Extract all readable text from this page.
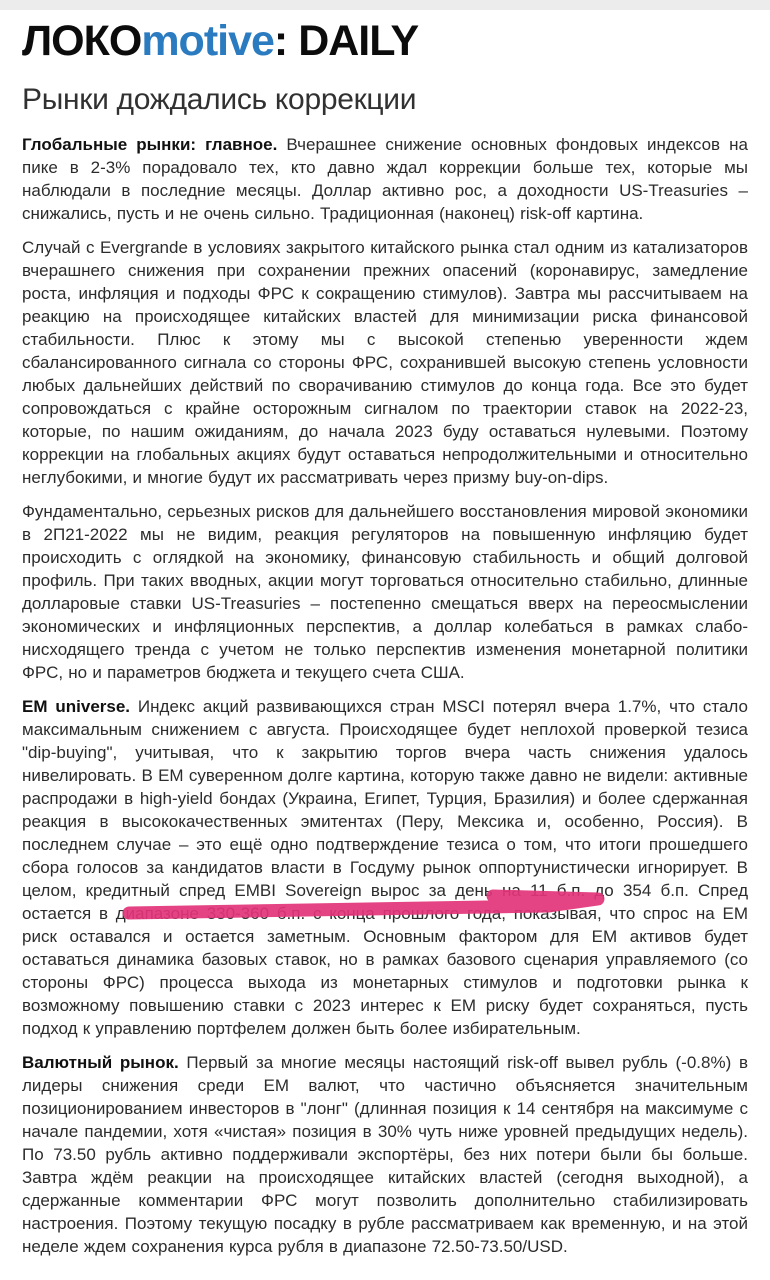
ЛОКОmotive: DAILY
Рынки дождались коррекции

Глобальные рынки: главное. Вчерашнее снижение основных фондовых индексов на пике в 2-3% порадовало тех, кто давно ждал коррекции больше тех, которые мы наблюдали в последние месяцы. Доллар активно рос, а доходности US-Treasuries – снижались, пусть и не очень сильно. Традиционная (наконец) risk-off картина.

Случай с Evergrande в условиях закрытого китайского рынка стал одним из катализаторов вчерашнего снижения при сохранении прежних опасений (коронавирус, замедление роста, инфляция и подходы ФРС к сокращению стимулов). Завтра мы рассчитываем на реакцию на происходящее китайских властей для минимизации риска финансовой стабильности. Плюс к этому мы с высокой степенью уверенности ждем сбалансированного сигнала со стороны ФРС, сохранившей высокую степень условности любых дальнейших действий по сворачиванию стимулов до конца года. Все это будет сопровождаться с крайне осторожным сигналом по траектории ставок на 2022-23, которые, по нашим ожиданиям, до начала 2023 буду оставаться нулевыми. Поэтому коррекции на глобальных акциях будут оставаться непродолжительными и относительно неглубокими, и многие будут их рассматривать через призму buy-on-dips.

Фундаментально, серьезных рисков для дальнейшего восстановления мировой экономики в 2П21-2022 мы не видим, реакция регуляторов на повышенную инфляцию будет происходить с оглядкой на экономику, финансовую стабильность и общий долговой профиль. При таких вводных, акции могут торговаться относительно стабильно, длинные долларовые ставки US-Treasuries – постепенно смещаться вверх на переосмыслении экономических и инфляционных перспектив, а доллар колебаться в рамках слабо-нисходящего тренда с учетом не только перспектив изменения монетарной политики ФРС, но и параметров бюджета и текущего счета США.

EM universe. Индекс акций развивающихся стран MSCI потерял вчера 1.7%, что стало максимальным снижением с августа. Происходящее будет неплохой проверкой тезиса "dip-buying", учитывая, что к закрытию торгов вчера часть снижения удалось нивелировать. В ЕМ суверенном долге картина, которую также давно не видели: активные распродажи в high-yield бондах (Украина, Египет, Турция, Бразилия) и более сдержанная реакция в высококачественных эмитентах (Перу, Мексика и, особенно, Россия). В последнем случае – это ещё одно подтверждение тезиса о том, что итоги прошедшего сбора голосов за кандидатов власти в Госдуму рынок оппортунистически игнорирует. В целом, кредитный спред EMBI Sovereign вырос за день на 11 б.п. до 354 б.п. Спред остается в диапазоне 330-360 б.п. с конца прошлого года, показывая, что спрос на ЕМ риск оставался и остается заметным. Основным фактором для ЕМ активов будет оставаться динамика базовых ставок, но в рамках базового сценария управляемого (со стороны ФРС) процесса выхода из монетарных стимулов и подготовки рынка к возможному повышению ставки с 2023 интерес к ЕМ риску будет сохраняться, пусть подход к управлению портфелем должен быть более избирательным.

Валютный рынок. Первый за многие месяцы настоящий risk-off вывел рубль (-0.8%) в лидеры снижения среди ЕМ валют, что частично объясняется значительным позиционированием инвесторов в "лонг" (длинная позиция к 14 сентября на максимуме с начале пандемии, хотя «чистая» позиция в 30% чуть ниже уровней предыдущих недель). По 73.50 рубль активно поддерживали экспортёры, без них потери были бы больше. Завтра ждём реакции на происходящее китайских властей (сегодня выходной), а сдержанные комментарии ФРС могут позволить дополнительно стабилизировать настроения. Поэтому текущую посадку в рубле рассматриваем как временную, и на этой неделе ждем сохранения курса рубля в диапазоне 72.50-73.50/USD.
